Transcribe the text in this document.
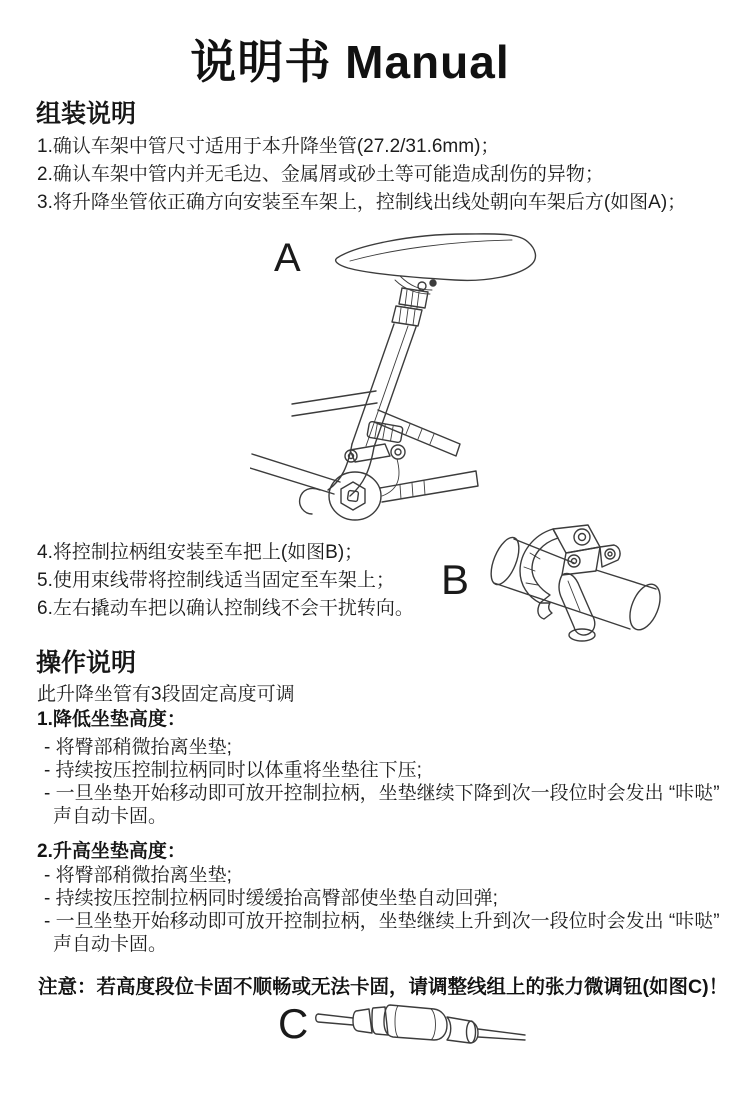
说明书 Manual
组装说明
1.确认车架中管尺寸适用于本升降坐管(27.2/31.6mm)；
2.确认车架中管内并无毛边、金属屑或砂土等可能造成刮伤的异物；
3.将升降坐管依正确方向安装至车架上，控制线出线处朝向车架后方(如图A)；
A
4.将控制拉柄组安装至车把上(如图B)；
5.使用束线带将控制线适当固定至车架上；
6.左右撬动车把以确认控制线不会干扰转向。
B
操作说明
此升降坐管有3段固定高度可调
1.降低坐垫高度：
- 将臀部稍微抬离坐垫;
- 持续按压控制拉柄同时以体重将坐垫往下压;
- 一旦坐垫开始移动即可放开控制拉柄，坐垫继续下降到次一段位时会发出 “咔哒”
声自动卡固。
2.升高坐垫高度：
- 将臀部稍微抬离坐垫;
- 持续按压控制拉柄同时缓缓抬高臀部使坐垫自动回弹;
- 一旦坐垫开始移动即可放开控制拉柄，坐垫继续上升到次一段位时会发出 “咔哒”
声自动卡固。
注意：若高度段位卡固不顺畅或无法卡固，请调整线组上的张力微调钮(如图C)！
C
